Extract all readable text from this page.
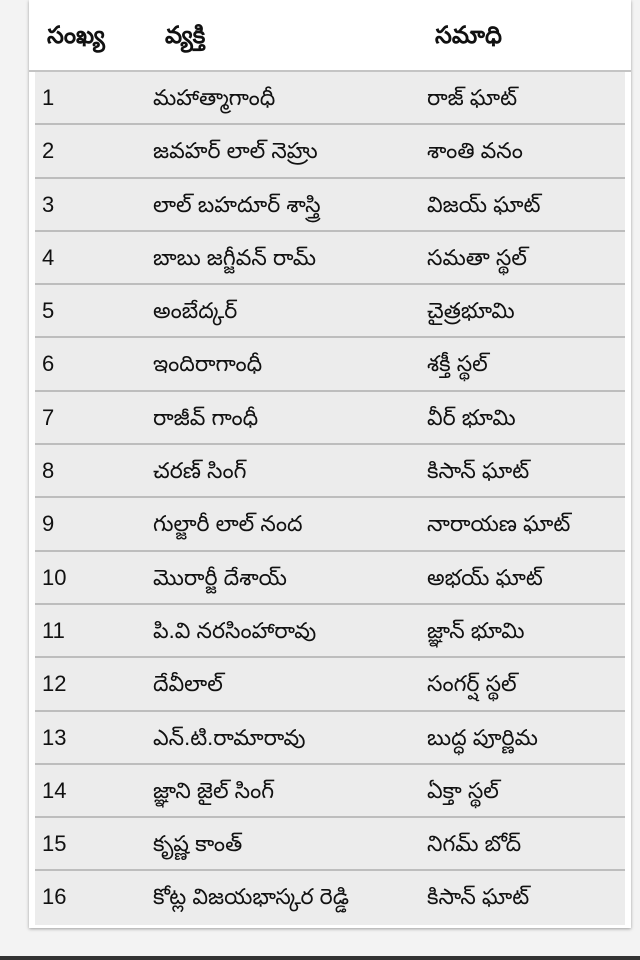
సంఖ్య	వ్యక్తి	సమాధి
1	మహాత్మాగాంధీ	రాజ్ ఘాట్
2	జవహర్ లాల్ నెహ్రు	శాంతి వనం
3	లాల్ బహదూర్ శాస్త్రి	విజయ్ ఘాట్
4	బాబు జగ్జీవన్ రామ్	సమతా స్థల్
5	అంబేద్కర్	చైత్రభూమి
6	ఇందిరాగాంధీ	శక్తీ స్థల్
7	రాజీవ్ గాంధీ	వీర్ భూమి
8	చరణ్ సింగ్	కిసాన్ ఘాట్
9	గుల్జారీ లాల్ నంద	నారాయణ ఘాట్
10	మొరార్జీ దేశాయ్	అభయ్ ఘాట్
11	పి.వి నరసింహారావు	జ్ఞాన్ భూమి
12	దేవీలాల్	సంగర్ష్ స్థల్
13	ఎన్.టి.రామారావు	బుద్ధ పూర్ణిమ
14	జ్ఞాని జైల్ సింగ్	ఏక్తా స్థల్
15	కృష్ణ కాంత్	నిగమ్ బోద్
16	కోట్ల విజయభాస్కర రెడ్డి	కిసాన్ ఘాట్
